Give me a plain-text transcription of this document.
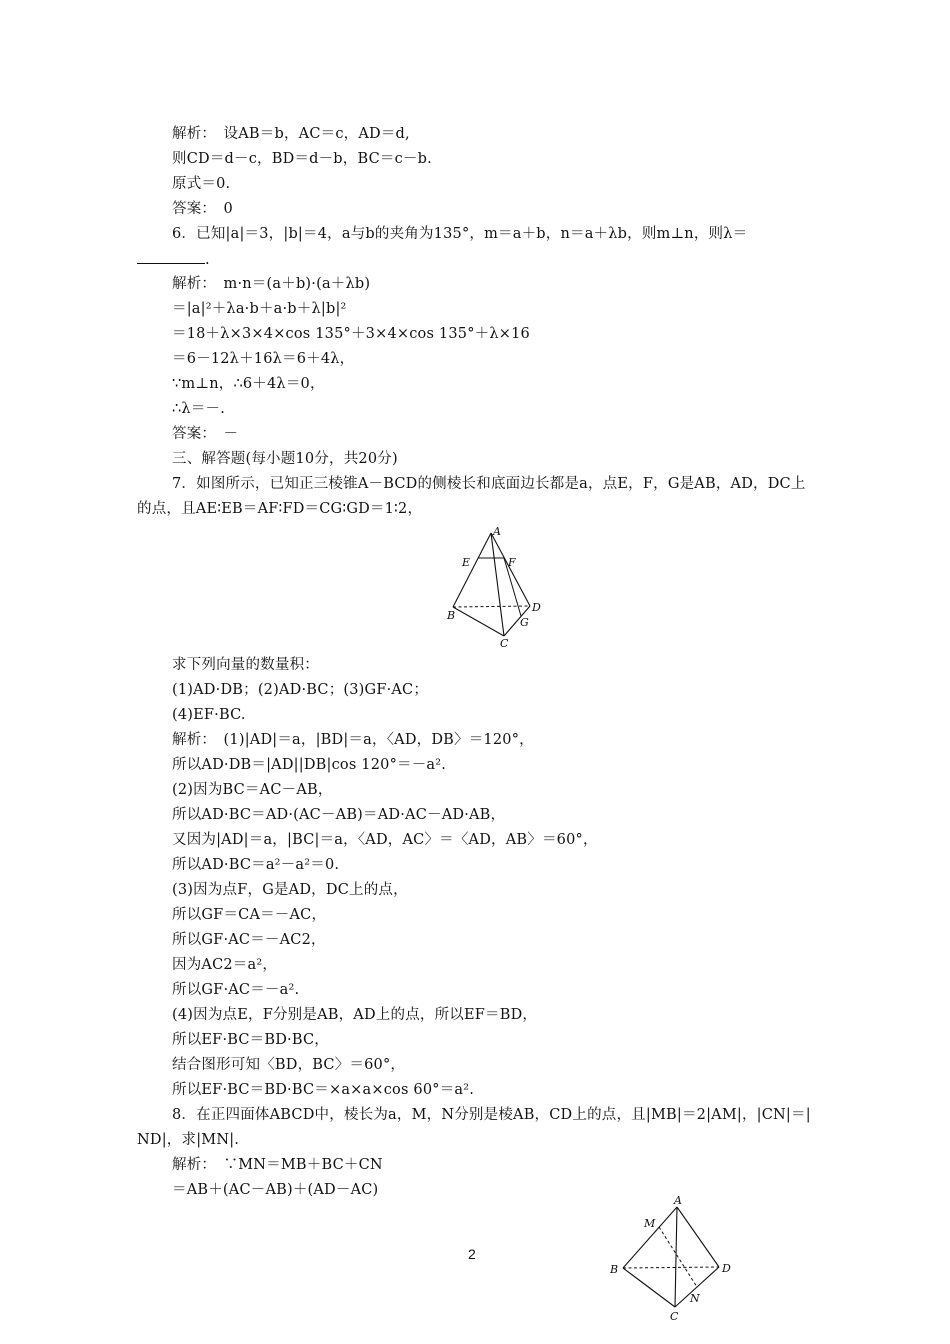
解析：　设AB＝b，AC＝c，AD＝d,

则CD＝d－c，BD＝d－b，BC＝c－b.

原式＝0.

答案：　0

6．已知|a|＝3，|b|＝4，a与b的夹角为135°，m＝a＋b，n＝a＋λb，则m⊥n，则λ＝

.

解析：　m·n＝(a＋b)·(a＋λb)

＝|a|²＋λa·b＋a·b＋λ|b|²

＝18＋λ×3×4×cos 135°＋3×4×cos 135°＋λ×16

＝6－12λ＋16λ＝6＋4λ，

∵m⊥n，∴6＋4λ＝0，

∴λ＝－.

答案：　－

三、解答题(每小题10分，共20分)

7．如图所示，已知正三棱锥A－BCD的侧棱长和底面边长都是a，点E，F，G是AB，AD，DC上

的点，且AE∶EB＝AF∶FD＝CG∶GD＝1∶2，

A
E	F
B
C
D
G

求下列向量的数量积：

(1)AD·DB；(2)AD·BC；(3)GF·AC；

(4)EF·BC.

解析：　(1)|AD|＝a，|BD|＝a，〈AD，DB〉＝120°，

所以AD·DB＝|AD||DB|cos 120°＝－a².

(2)因为BC＝AC－AB，

所以AD·BC＝AD·(AC－AB)＝AD·AC－AD·AB，

又因为|AD|＝a，|BC|＝a，〈AD，AC〉＝〈AD，AB〉＝60°，

所以AD·BC＝a²－a²＝0.

(3)因为点F，G是AD，DC上的点，

所以GF＝CA＝－AC，

所以GF·AC＝－AC2，

因为AC2＝a²，

所以GF·AC＝－a².

(4)因为点E，F分别是AB，AD上的点，所以EF＝BD，

所以EF·BC＝BD·BC，

结合图形可知〈BD，BC〉＝60°，

所以EF·BC＝BD·BC＝×a×a×cos 60°＝a².

8．在正四面体ABCD中，棱长为a，M，N分别是棱AB，CD上的点，且|MB|＝2|AM|，|CN|＝|

ND|，求|MN|.

解析：　∵MN＝MB＋BC＋CN

＝AB＋(AC－AB)＋(AD－AC)

A
M
B
C
D
N
2
